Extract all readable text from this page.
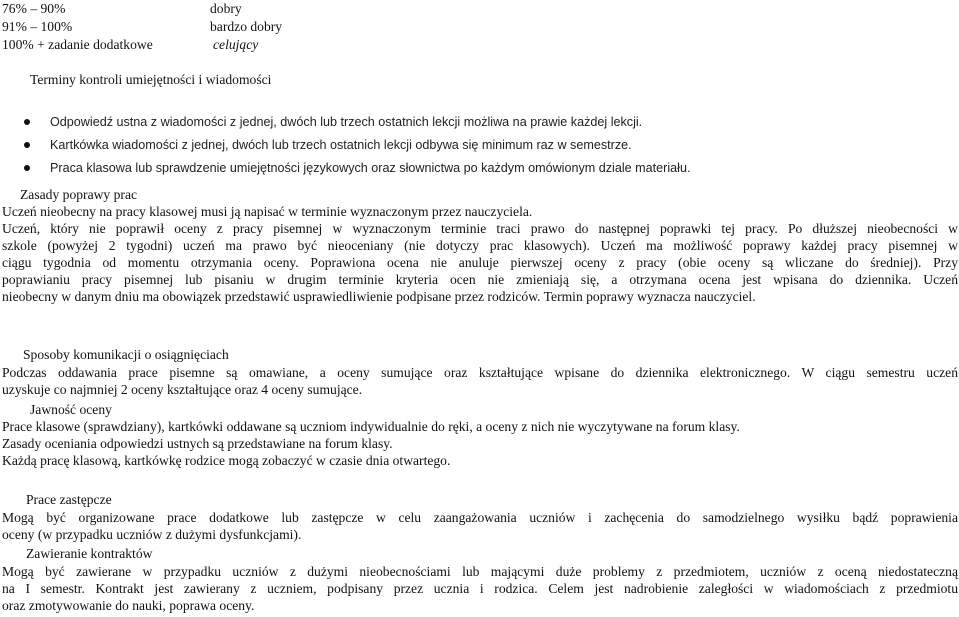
76% – 90%	dobry
91% – 100%	bardzo dobry
100% + zadanie dodatkowe	celujący
Terminy kontroli umiejętności i wiadomości
Odpowiedź ustna z wiadomości z jednej, dwóch lub trzech ostatnich lekcji możliwa na prawie każdej lekcji.
Kartkówka wiadomości z jednej, dwóch lub trzech ostatnich lekcji odbywa się minimum raz w semestrze.
Praca klasowa lub sprawdzenie umiejętności językowych oraz słownictwa po każdym omówionym dziale materiału.
Zasady poprawy prac
Uczeń nieobecny na pracy klasowej musi ją napisać w terminie wyznaczonym przez nauczyciela.
Uczeń, który nie poprawił oceny z pracy pisemnej w wyznaczonym terminie traci prawo do następnej poprawki tej pracy. Po dłuższej nieobecności w
szkole (powyżej 2 tygodni) uczeń ma prawo być nieoceniany (nie dotyczy prac klasowych). Uczeń ma możliwość poprawy każdej pracy pisemnej w
ciągu tygodnia od momentu otrzymania oceny. Poprawiona ocena nie anuluje pierwszej oceny z pracy (obie oceny są wliczane do średniej). Przy
poprawianiu pracy pisemnej lub pisaniu w drugim terminie kryteria ocen nie zmieniają się, a otrzymana ocena jest wpisana do dziennika. Uczeń
nieobecny w danym dniu ma obowiązek przedstawić usprawiedliwienie podpisane przez rodziców. Termin poprawy wyznacza nauczyciel.
Sposoby komunikacji o osiągnięciach
Podczas oddawania prace pisemne są omawiane, a oceny sumujące oraz kształtujące wpisane do dziennika elektronicznego. W ciągu semestru uczeń
uzyskuje co najmniej 2 oceny kształtujące oraz 4 oceny sumujące.
Jawność oceny
Prace klasowe (sprawdziany), kartkówki oddawane są uczniom indywidualnie do ręki, a oceny z nich nie wyczytywane na forum klasy.
Zasady oceniania odpowiedzi ustnych są przedstawiane na forum klasy.
Każdą pracę klasową, kartkówkę rodzice mogą zobaczyć w czasie dnia otwartego.
Prace zastępcze
Mogą być organizowane prace dodatkowe lub zastępcze w celu zaangażowania uczniów i zachęcenia do samodzielnego wysiłku bądź poprawienia
oceny (w przypadku uczniów z dużymi dysfunkcjami).
Zawieranie kontraktów
Mogą być zawierane w przypadku uczniów z dużymi nieobecnościami lub mającymi duże problemy z przedmiotem, uczniów z oceną niedostateczną
na I semestr. Kontrakt jest zawierany z uczniem, podpisany przez ucznia i rodzica. Celem jest nadrobienie zaległości w wiadomościach z przedmiotu
oraz zmotywowanie do nauki, poprawa oceny.
